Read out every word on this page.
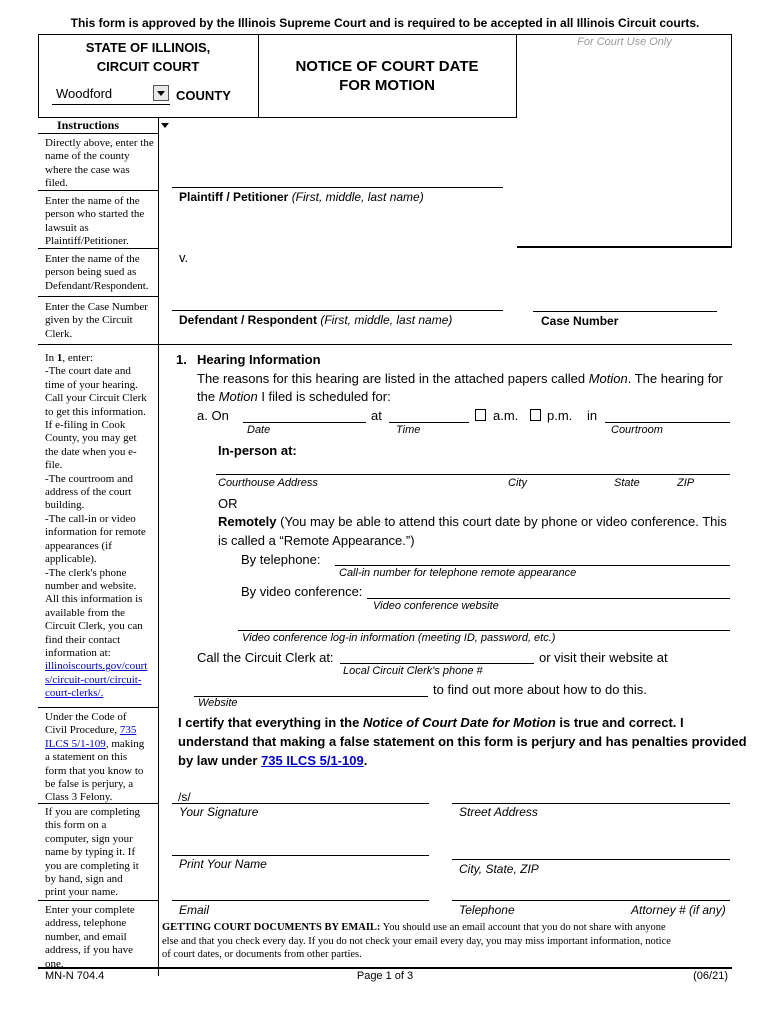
This form is approved by the Illinois Supreme Court and is required to be accepted in all Illinois Circuit courts.
STATE OF ILLINOIS,
CIRCUIT COURT
Woodford	COUNTY
NOTICE OF COURT DATE
FOR MOTION
For Court Use Only
Instructions
Directly above, enter the name of the county where the case was filed.
Enter the name of the person who started the lawsuit as Plaintiff/Petitioner.
Enter the name of the person being sued as Defendant/Respondent.
Enter the Case Number given by the Circuit Clerk.
In 1, enter:
-The court date and
time of your hearing.
Call your Circuit Clerk
to get this information.
If e-filing in Cook
County, you may get
the date when you e-
file.
-The courtroom and
address of the court
building.
-The call-in or video
information for remote
appearances (if
applicable).
-The clerk's phone
number and website.
All this information is
available from the
Circuit Clerk, you can
find their contact
information at:
illinoiscourts.gov/court
s/circuit-court/circuit-
court-clerks/.
Under the Code of
Civil Procedure, 735
ILCS 5/1-109, making
a statement on this
form that you know to
be false is perjury, a
Class 3 Felony.
If you are completing
this form on a
computer, sign your
name by typing it. If
you are completing it
by hand, sign and
print your name.
Enter your complete
address, telephone
number, and email
address, if you have
one.
Plaintiff / Petitioner (First, middle, last name)
v.
Defendant / Respondent (First, middle, last name)	Case Number
1. Hearing Information
The reasons for this hearing are listed in the attached papers called Motion. The hearing for
the Motion I filed is scheduled for:
a. On	at	a.m. p.m. in
Date	Time	Courtroom
In-person at:
Courthouse Address	City	State	ZIP
OR
Remotely (You may be able to attend this court date by phone or video conference. This
is called a “Remote Appearance.”)
By telephone:
Call-in number for telephone remote appearance
By video conference:
Video conference website
Video conference log-in information (meeting ID, password, etc.)
Call the Circuit Clerk at:	or visit their website at
Local Circuit Clerk's phone #
to find out more about how to do this.
Website
I certify that everything in the Notice of Court Date for Motion is true and correct. I
understand that making a false statement on this form is perjury and has penalties provided
by law under 735 ILCS 5/1-109.
/s/
Your Signature	Street Address
Print Your Name	City, State, ZIP
Email	Telephone	Attorney # (if any)
GETTING COURT DOCUMENTS BY EMAIL: You should use an email account that you do not share with anyone
else and that you check every day. If you do not check your email every day, you may miss important information, notice
of court dates, or documents from other parties.
MN-N 704.4	Page 1 of 3	(06/21)
